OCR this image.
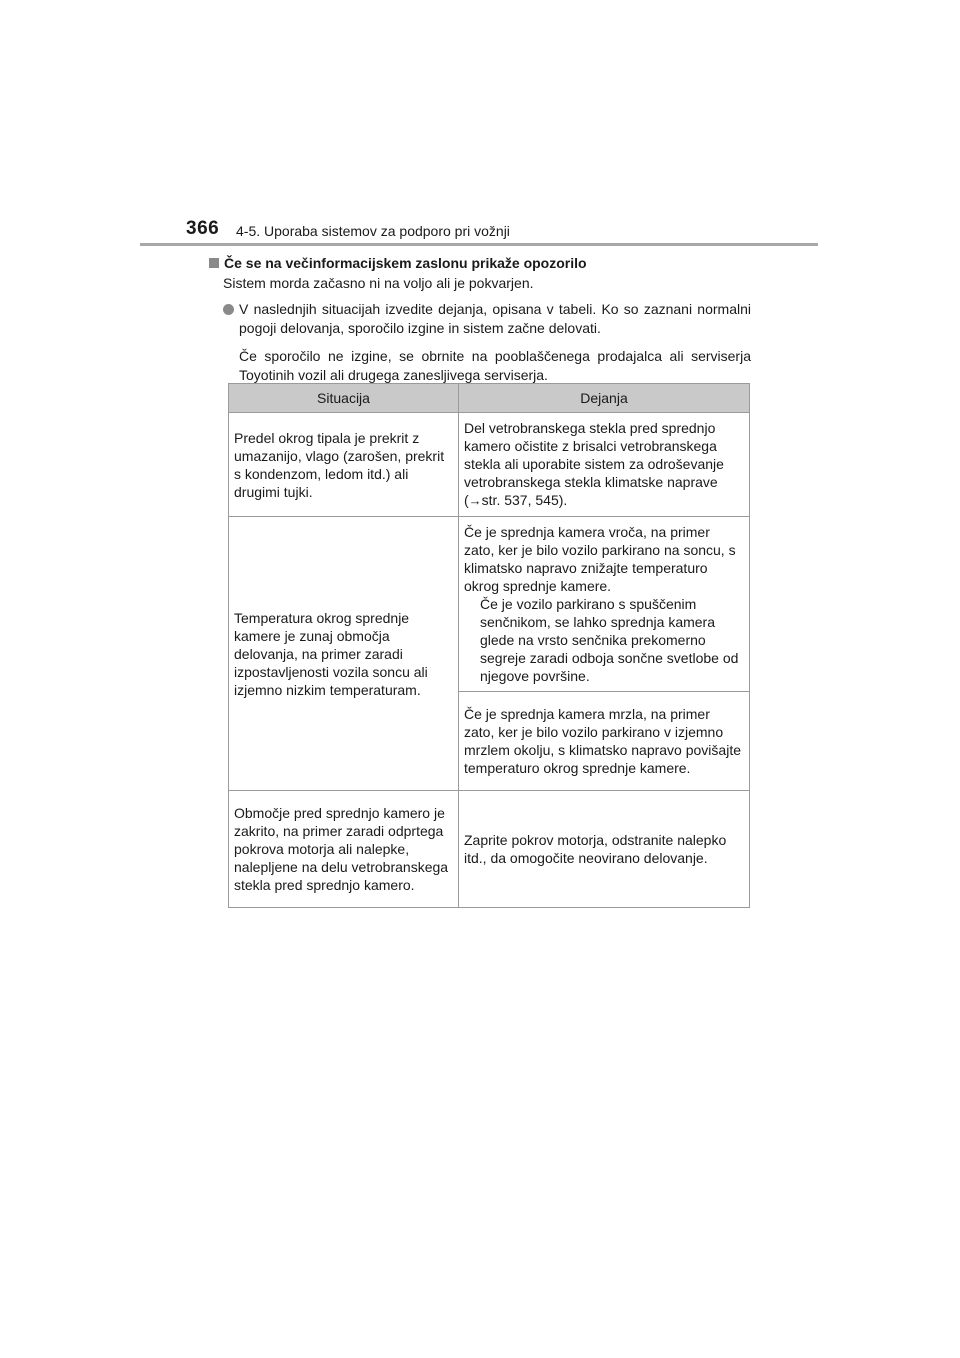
366 4-5. Uporaba sistemov za podporo pri vožnji
Če se na večinformacijskem zaslonu prikaže opozorilo
Sistem morda začasno ni na voljo ali je pokvarjen.
V naslednjih situacijah izvedite dejanja, opisana v tabeli. Ko so zaznani normalni pogoji delovanja, sporočilo izgine in sistem začne delovati.
Če sporočilo ne izgine, se obrnite na pooblaščenega prodajalca ali serviserja Toyotinih vozil ali drugega zanesljivega serviserja.
Situacija	Dejanja
Predel okrog tipala je prekrit z umazanijo, vlago (zarošen, prekrit s kondenzom, ledom itd.) ali drugimi tujki.	Del vetrobranskega stekla pred sprednjo kamero očistite z brisalci vetrobranskega stekla ali uporabite sistem za odroševanje vetrobranskega stekla klimatske naprave (→str. 537, 545).
Temperatura okrog sprednje kamere je zunaj območja delovanja, na primer zaradi izpostavljenosti vozila soncu ali izjemno nizkim temperaturam.	Če je sprednja kamera vroča, na primer zato, ker je bilo vozilo parkirano na soncu, s klimatsko napravo znižajte temperaturo okrog sprednje kamere.
Če je vozilo parkirano s spuščenim senčnikom, se lahko sprednja kamera glede na vrsto senčnika prekomerno segreje zaradi odboja sončne svetlobe od njegove površine.

	Če je sprednja kamera mrzla, na primer zato, ker je bilo vozilo parkirano v izjemno mrzlem okolju, s klimatsko napravo povišajte temperaturo okrog sprednje kamere.
Območje pred sprednjo kamero je zakrito, na primer zaradi odprtega pokrova motorja ali nalepke, nalepljene na delu vetrobranskega stekla pred sprednjo kamero.	Zaprite pokrov motorja, odstranite nalepko itd., da omogočite neovirano delovanje.
